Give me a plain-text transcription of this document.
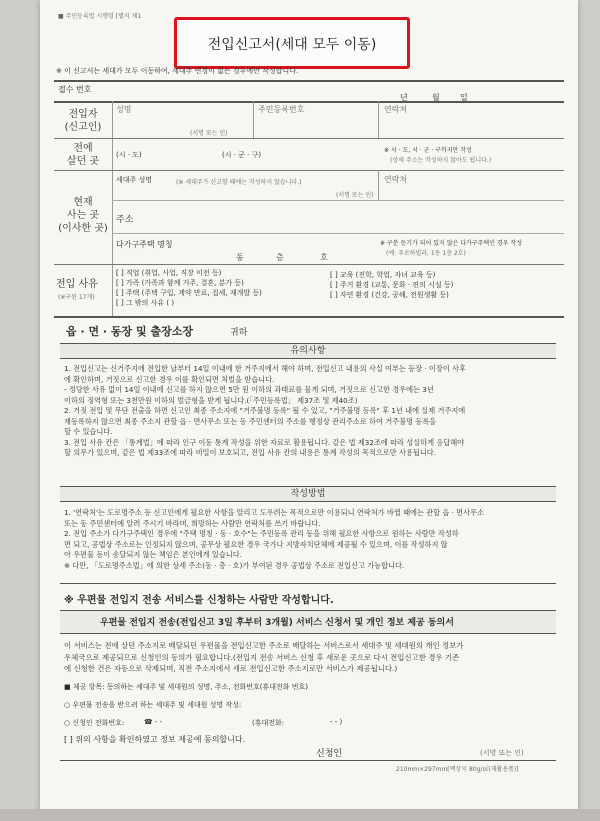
■ 주민등록법 시행령 [별지 제1
전입신고서(세대 모두 이동)
※ 이 신고서는 세대가 모두 이동하여, 세대주 변경이 없는 경우에만 작성합니다.
접수 번호
년	월	일
전입자
(신고인)
성명	주민등록번호	연락처
(서명 또는 인)
전에
살던 곳
(시 · 도)	(시 · 군 · 구)
※ 시 · 도, 시 · 군 · 구까지만 작성
(상세 주소는 작성하지 않아도 됩니다.)
현재
사는 곳
(이사한 곳)
세대주 성명	(※ 세대주가 신고할 때에는 작성하지 않습니다.)
(서명 또는 인)
연락처
주소
다가구주택 명칭
동	층	호
※ 구분 등기가 되어 있지 않은 다가구주택인 경우 작성
(예: 푸로하빌라, 1동 1층 2호)
전입 사유
(※구된 17개)
[ ] 직업 (취업, 사업, 직장 이전 등)
[ ] 가족 (가족과 함께 거주, 결혼, 분가 등)
[ ] 주택 (주택 구입, 계약 만료, 집세, 재개발 등)
[ ] 그 밖의 사유 ( )
[ ] 교육 (진학, 학업, 자녀 교육 등)
[ ] 주거 환경 (교통, 문화 · 편의 시설 등)
[ ] 자연 환경 (건강, 공해, 전원생활 등)
읍 · 면 · 동장 및 출장소장	귀하
유의사항
1. 전입신고는 신거주지에 전입한 날부터 14일 이내에 한 거주지에서 해야 하며, 전입신고 내용의 사실 여부는 등장 · 이장이 사후
에 확인하며, 거짓으로 신고한 경우 이를 확인되면 처벌을 받습니다.
- 정당한 사유 없이 14일 이내에 신고를 하지 않으면 5만 원 이하의 과태료를 물게 되며, 거짓으로 신고한 경우에는 3년
이하의 징역형 또는 3천만원 이하의 벌금형을 받게 됩니다.(「주민등록법」 제37조 및 제40조)
2. 거짓 전입 및 무단 전출을 하면 신고인 최종 주소지에 "거주불명 등록" 될 수 있고, "거주불명 등록" 후 1년 내에 실제 거주지에
재등록하지 않으면 최종 주소지 관할 읍 · 면사무소 또는 동 주민센터의 주소를 행정상 관리주소로 하여 거주불명 등록을
할 수 있습니다.
3. 전입 사유 칸은 「통계법」에 따라 인구 이동 통계 작성을 위한 자료로 활용됩니다. 같은 법 제32조에 따라 성실하게 응답해야
할 의무가 있으며, 같은 법 제33조에 따라 비밀이 보호되고, 전입 사유 칸의 내용은 통계 작성의 목적으로만 사용됩니다.
작성방법
1. '연락처'는 도로명주소 등 신고인에게 필요한 사항을 알리고 도우려는 목적으로만 이용되니 연락처가 바뀔 때에는 관할 읍 · 면사무소
또는 동 주민센터에 알려 주시기 바라며, 희망하는 사람만 연락처를 쓰기 바랍니다.
2. 전입 주소가 다가구주택인 경우에 "주택 명칭 · 동 · 호수"는 주민등록 관리 등을 위해 필요한 사항으로 원하는 사람만 작성하
면 되고, 공법상 주소로는 인정되지 않으며, 공무상 필요한 경우 국가나 지방자치단체에 제공될 수 있으며, 이를 작성하지 않
아 우편물 등이 송달되지 않는 책임은 본인에게 있습니다.
※ 다만, 「도로명주소법」에 의한 상세 주소(동 · 층 · 호)가 부여된 경우 공법상 주소로 전입신고 가능합니다.
※ 우편물 전입지 전송 서비스를 신청하는 사람만 작성합니다.
우편물 전입지 전송(전입신고 3일 후부터 3개월) 서비스 신청서 및 개인 정보 제공 동의서
이 서비스는 전에 살던 주소지로 배달되던 우편물을 전입신고한 주소로 배달하는 서비스로서 세대주 및 세대원의 개인 정보가
우체국으로 제공되므로 신청인의 동의가 필요합니다.(전입지 전송 서비스 신청 후 새로운 곳으로 다시 전입신고한 경우 기존
에 신청한 건은 자동으로 삭제되며, 직전 주소지에서 새로 전입신고한 주소지로만 서비스가 제공됩니다.)
■ 제공 항목: 동의하는 세대주 및 세대원의 성명, 주소, 전화번호(휴대전화 번호)
○ 우편물 전송을 받으려 하는 세대주 및 세대원 성명 작성:
○ 신청인 전화번호:	☎ - -	(휴대전화:	- - )
[ ] 위의 사항을 확인하였고 정보 제공에 동의합니다.
신청인	(서명 또는 인)
210mm×297mm[백상지 80g/㎡(재활용품)]
